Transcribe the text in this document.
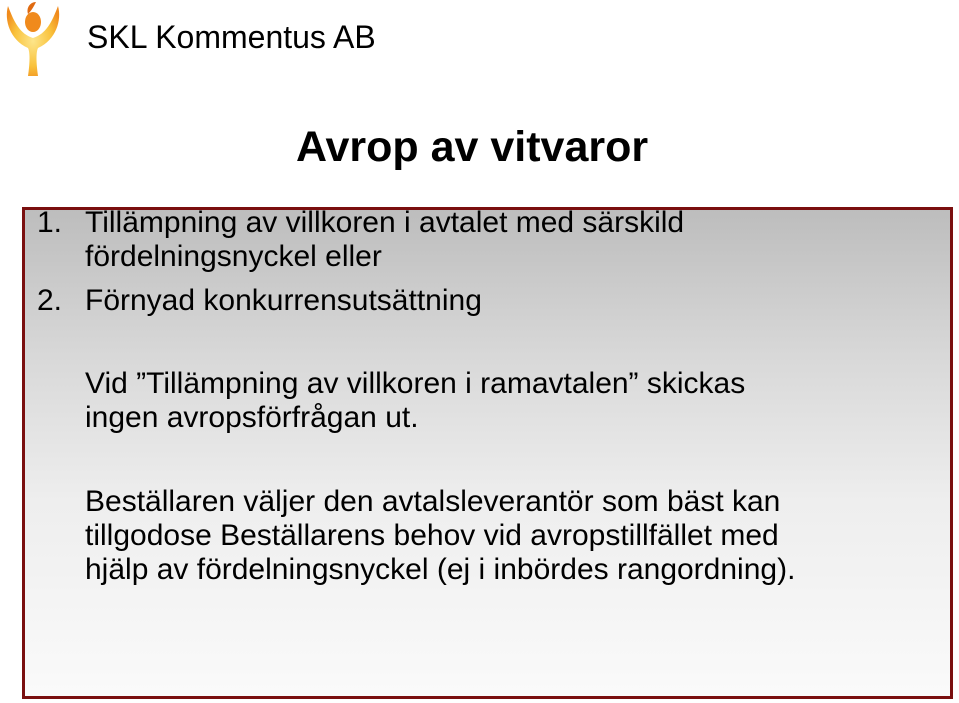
SKL Kommentus AB
Avrop av vitvaror
1. Tillämpning av villkoren i avtalet med särskild
fördelningsnyckel eller
2. Förnyad konkurrensutsättning
Vid ”Tillämpning av villkoren i ramavtalen” skickas
ingen avropsförfrågan ut.
Beställaren väljer den avtalsleverantör som bäst kan
tillgodose Beställarens behov vid avropstillfället med
hjälp av fördelningsnyckel (ej i inbördes rangordning).
